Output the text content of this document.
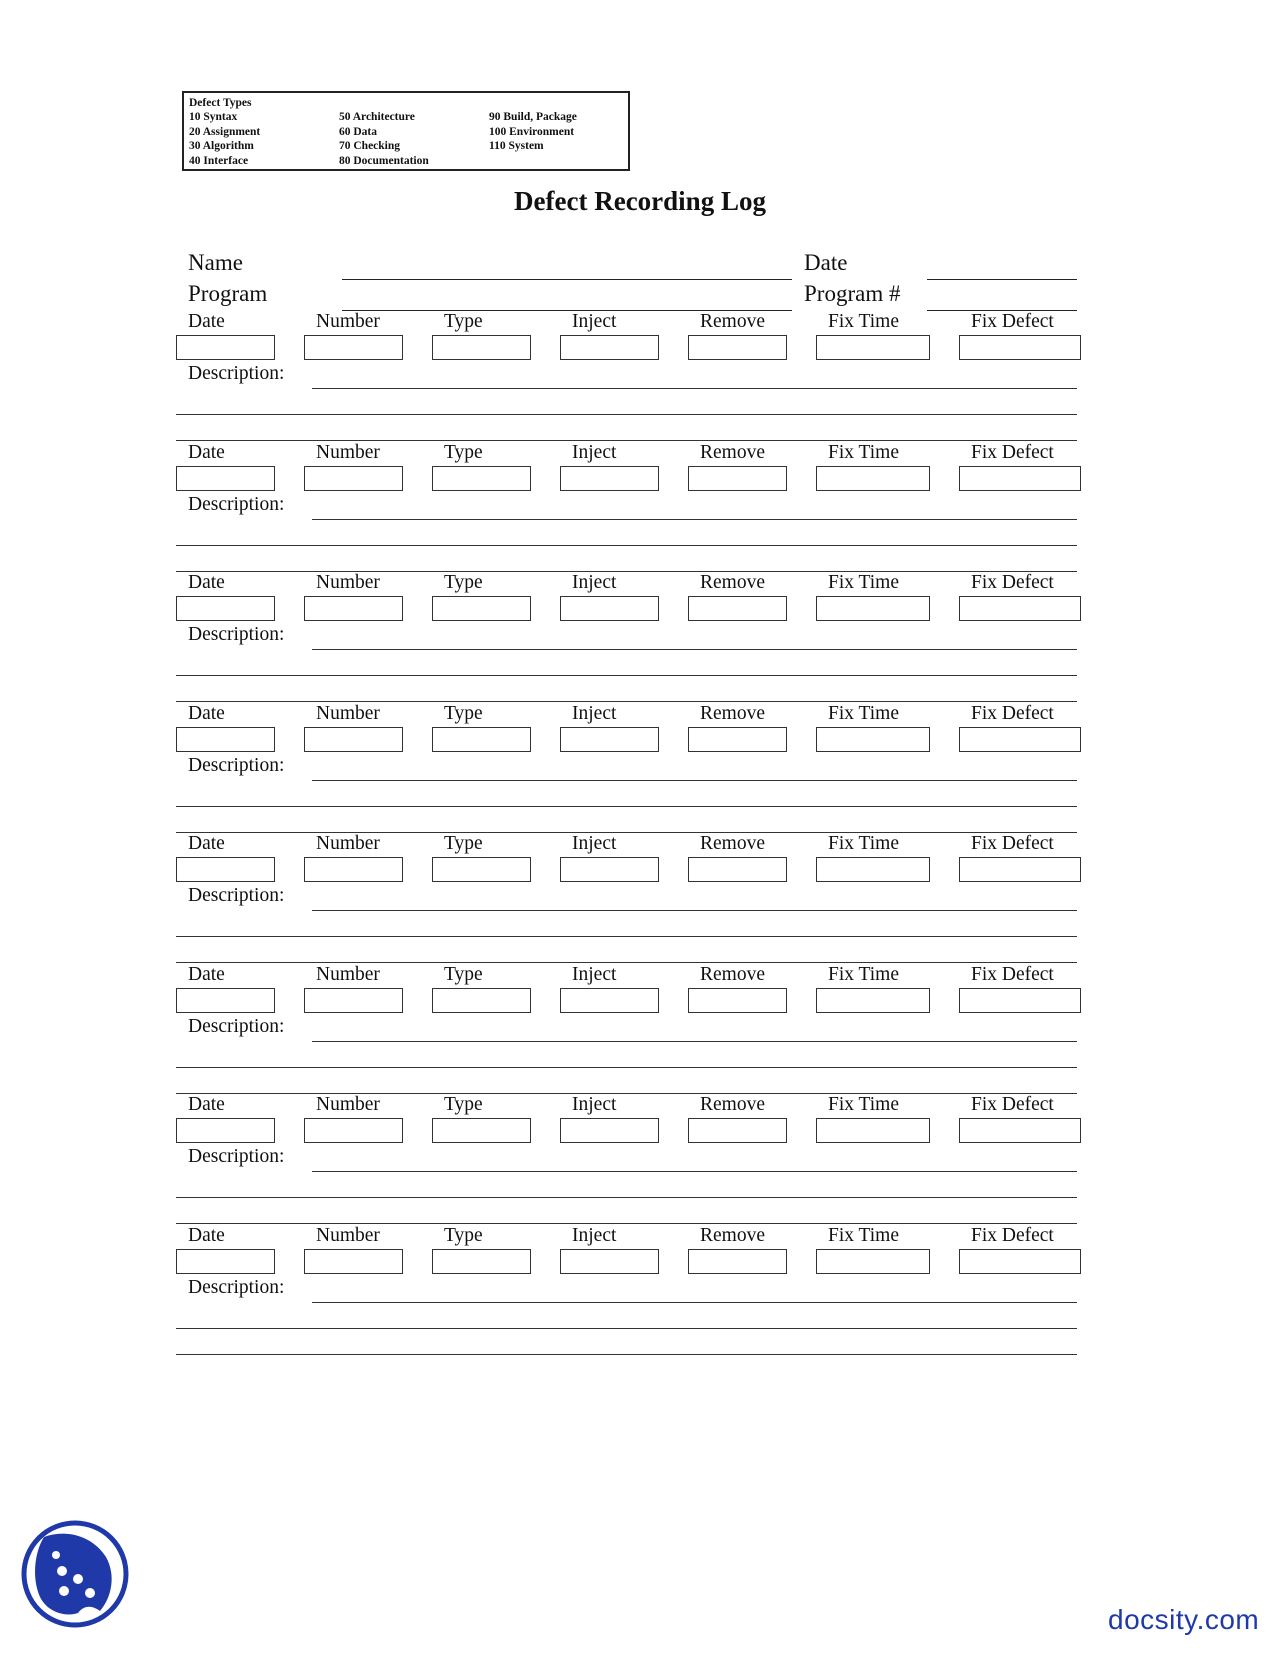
Defect Types
10 Syntax
20 Assignment
30 Algorithm
40 Interface
50 Architecture
60 Data
70 Checking
80 Documentation
90 Build, Package
100 Environment
110 System
Defect Recording Log
Name	Date
Program	Program #
Date	Number	Type	Inject	Remove	Fix Time	Fix Defect
Description:
Date	Number	Type	Inject	Remove	Fix Time	Fix Defect
Description:
Date	Number	Type	Inject	Remove	Fix Time	Fix Defect
Description:
Date	Number	Type	Inject	Remove	Fix Time	Fix Defect
Description:
Date	Number	Type	Inject	Remove	Fix Time	Fix Defect
Description:
Date	Number	Type	Inject	Remove	Fix Time	Fix Defect
Description:
Date	Number	Type	Inject	Remove	Fix Time	Fix Defect
Description:
Date	Number	Type	Inject	Remove	Fix Time	Fix Defect
Description:
docsity.com
